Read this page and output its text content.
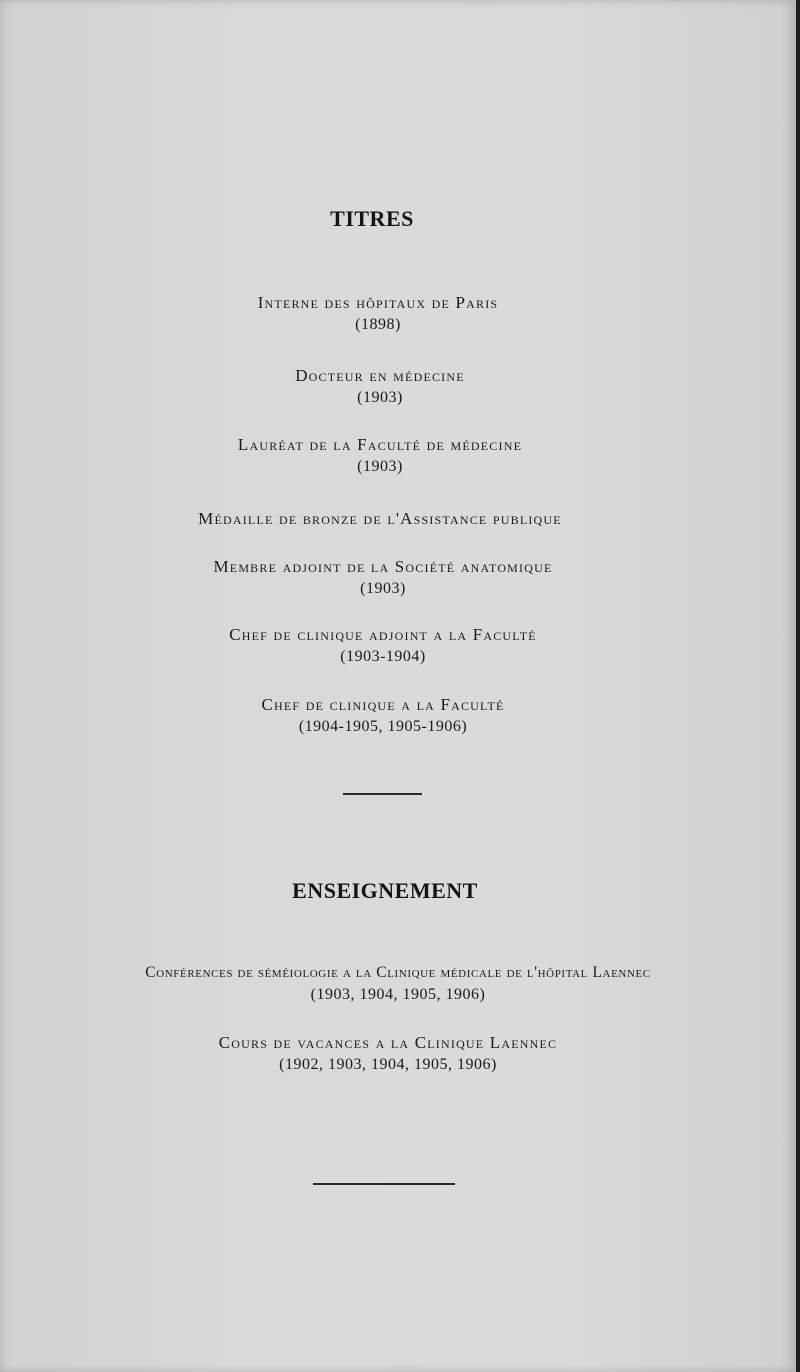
TITRES
Interne des hôpitaux de Paris
(1898)
Docteur en médecine
(1903)
Lauréat de la Faculté de médecine
(1903)
Médaille de bronze de l'Assistance publique
Membre adjoint de la Société anatomique
(1903)
Chef de clinique adjoint a la Faculté
(1903-1904)
Chef de clinique a la Faculté
(1904-1905, 1905-1906)
ENSEIGNEMENT
Conférences de séméiologie a la Clinique médicale de l'hôpital Laennec
(1903, 1904, 1905, 1906)
Cours de vacances a la Clinique Laennec
(1902, 1903, 1904, 1905, 1906)
